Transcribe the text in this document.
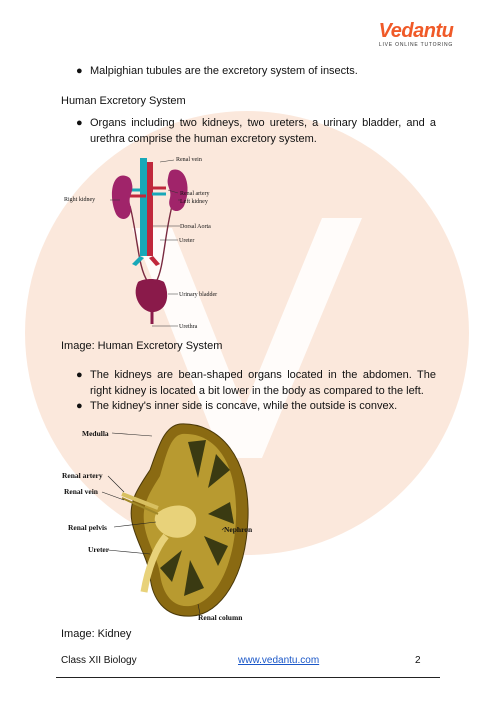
Vedantu
LIVE ONLINE TUTORING
● Malpighian tubules are the excretory system of insects.
Human Excretory System
● Organs including two kidneys, two ureters, a urinary bladder, and a urethra comprise the human excretory system.
Renal vein
Right kidney
Renal artery
Left kidney
Dorsal Aorta
Ureter
Urinary bladder
Urethra
Image: Human Excretory System
● The kidneys are bean-shaped organs located in the abdomen. The right kidney is located a bit lower in the body as compared to the left.
● The kidney's inner side is concave, while the outside is convex.
Medulla
Renal artery
Renal vein
Renal pelvis
Ureter
Nephron
Renal column
Image: Kidney
Class XII Biology	www.vedantu.com	2
